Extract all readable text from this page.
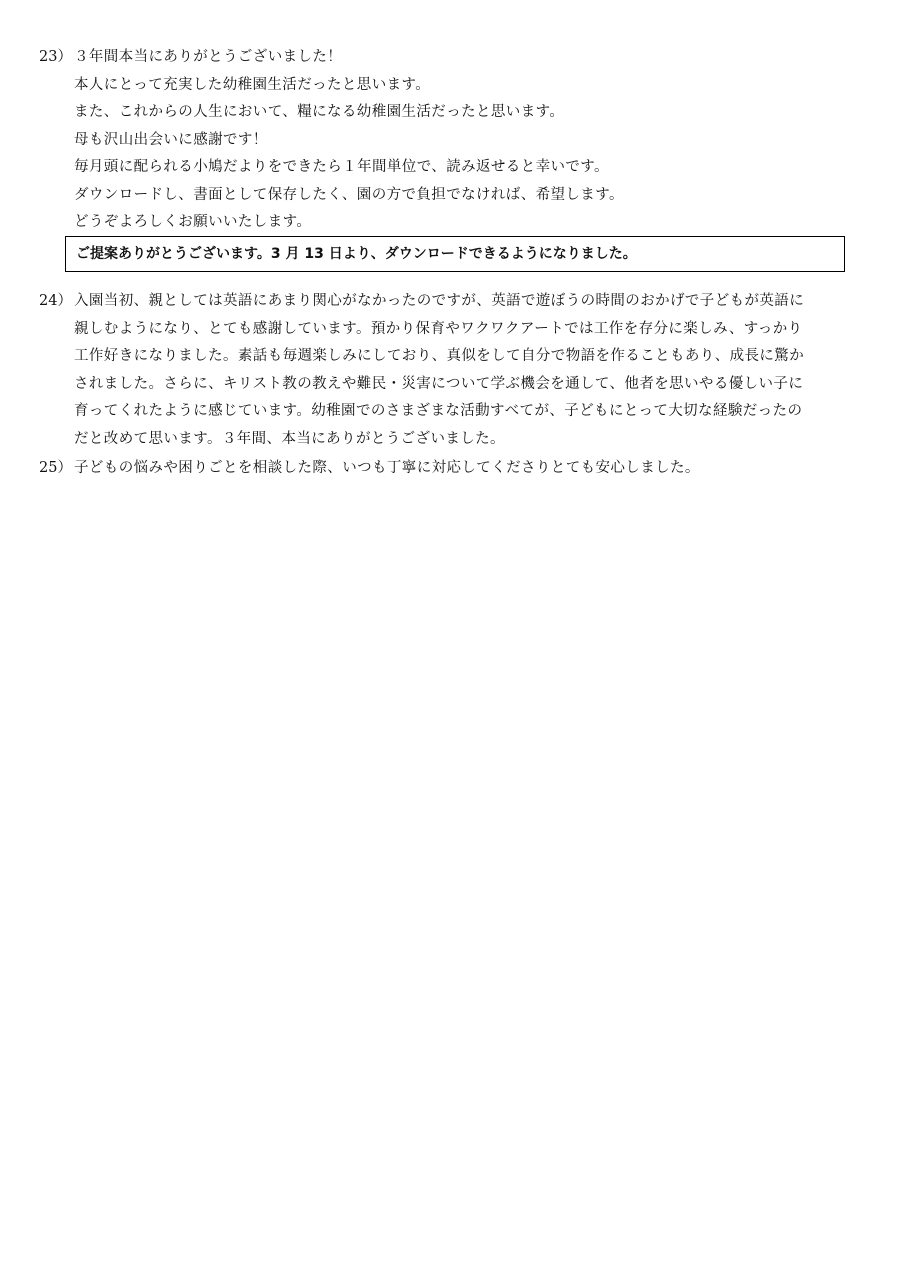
23） ３年間本当にありがとうございました！
本人にとって充実した幼稚園生活だったと思います。
また、これからの人生において、糧になる幼稚園生活だったと思います。
母も沢山出会いに感謝です！
毎月頭に配られる小鳩だよりをできたら１年間単位で、読み返せると幸いです。
ダウンロードし、書面として保存したく、園の方で負担でなければ、希望します。
どうぞよろしくお願いいたします。
ご提案ありがとうございます。3 月 13 日より、ダウンロードできるようになりました。
24） 入園当初、親としては英語にあまり関心がなかったのですが、英語で遊ぼうの時間のおかげで子どもが英語に
親しむようになり、とても感謝しています。預かり保育やワクワクアートでは工作を存分に楽しみ、すっかり
工作好きになりました。素話も毎週楽しみにしており、真似をして自分で物語を作ることもあり、成長に驚か
されました。さらに、キリスト教の教えや難民・災害について学ぶ機会を通して、他者を思いやる優しい子に
育ってくれたように感じています。幼稚園でのさまざまな活動すべてが、子どもにとって大切な経験だったの
だと改めて思います。３年間、本当にありがとうございました。
25） 子どもの悩みや困りごとを相談した際、いつも丁寧に対応してくださりとても安心しました。
